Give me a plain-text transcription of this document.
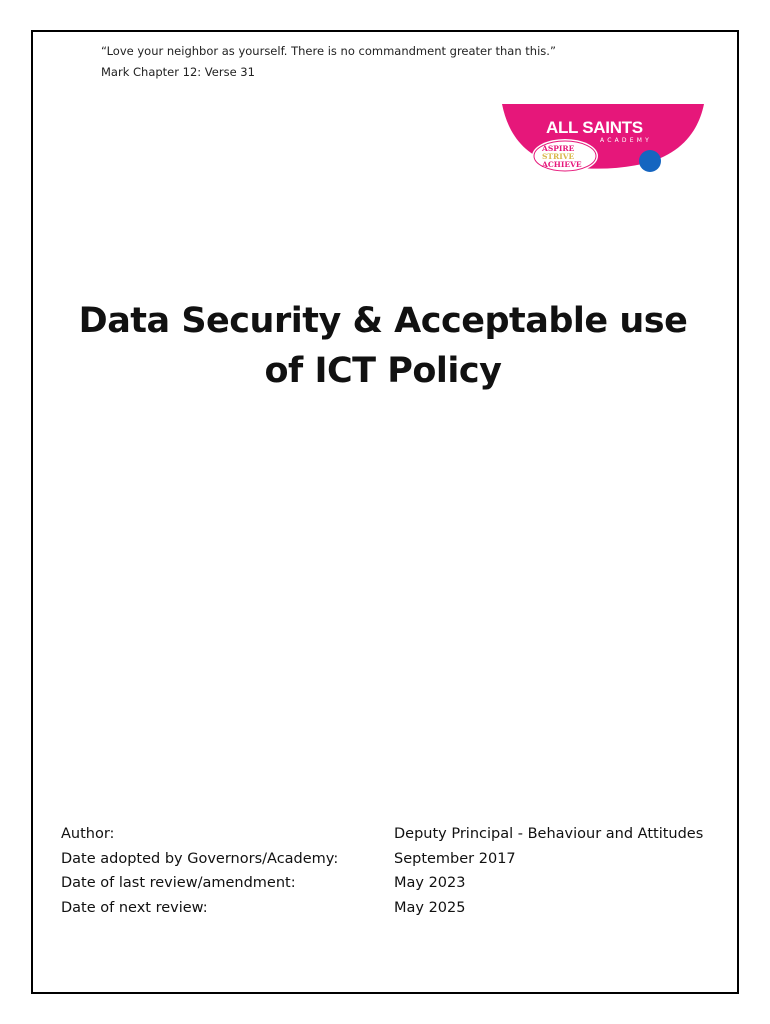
“Love your neighbor as yourself. There is no commandment greater than this.”
Mark Chapter 12: Verse 31
ALL SAINTS
ACADEMY
ASPIRE
STRIVE
ACHIEVE
Data Security & Acceptable use
of ICT Policy
Author:	Deputy Principal - Behaviour and Attitudes
Date adopted by Governors/Academy:	September 2017
Date of last review/amendment:	May 2023
Date of next review:	May 2025
